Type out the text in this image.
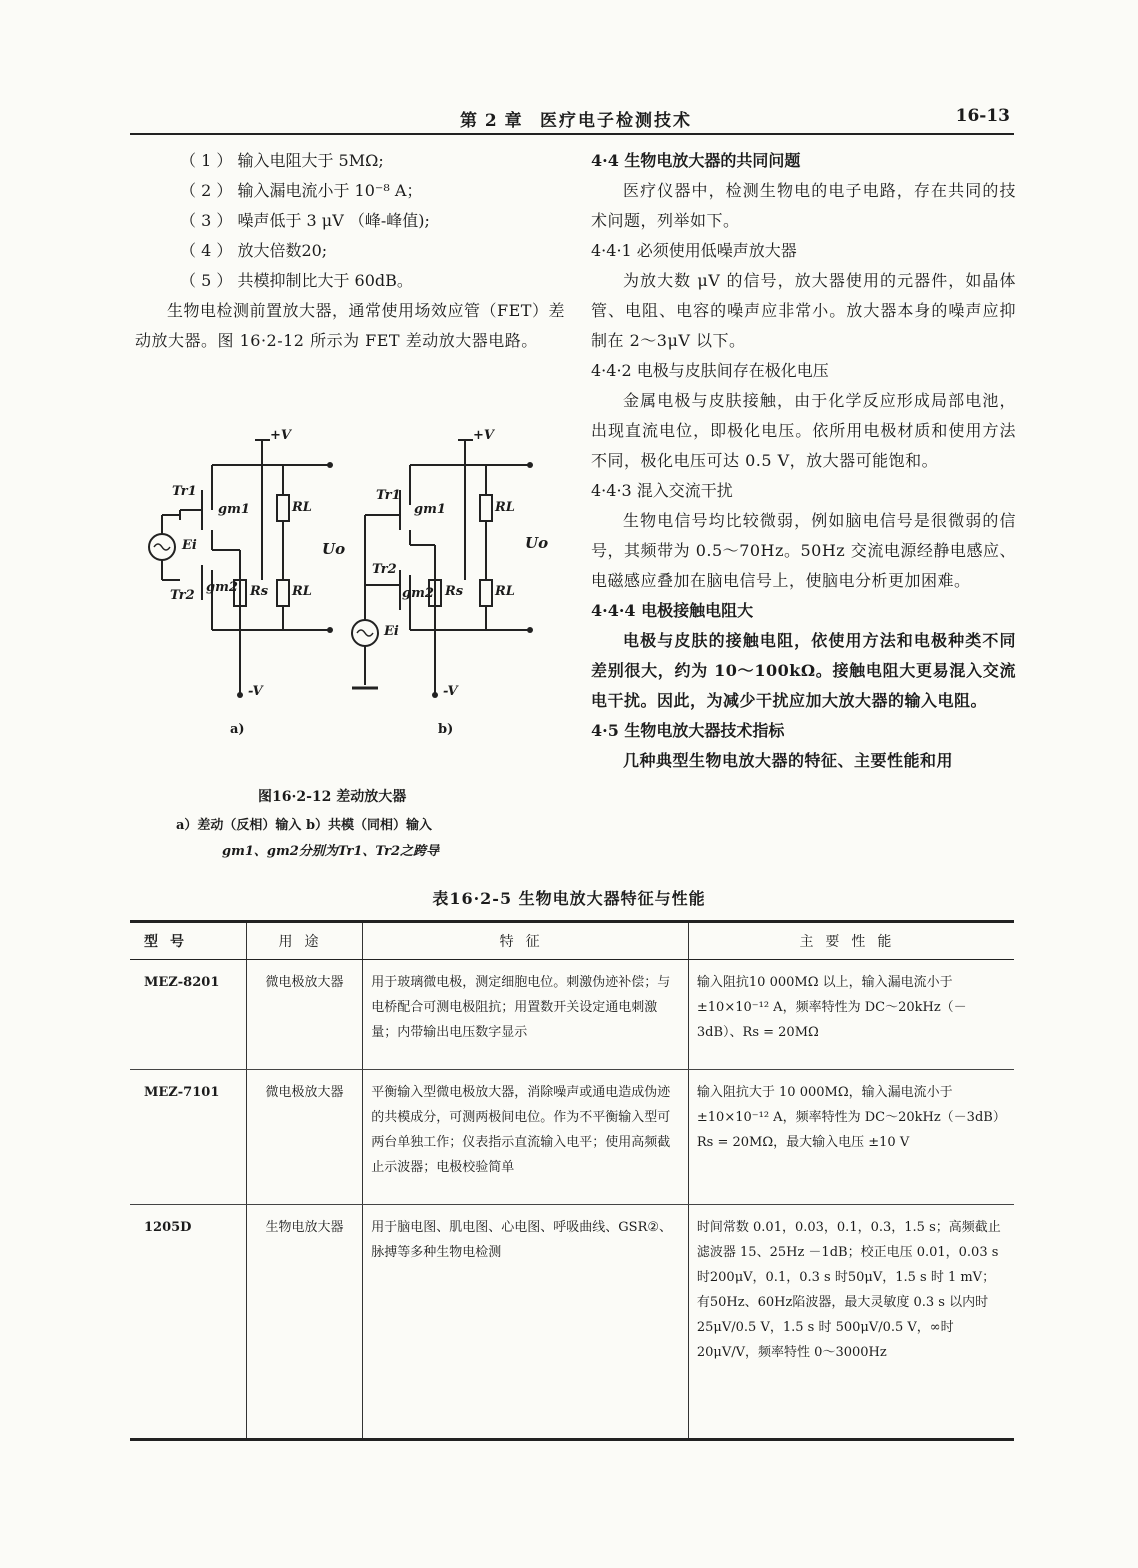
第 2 章 医疗电子检测技术	16-13
（ 1 ） 输入电阻大于 5MΩ;
（ 2 ） 输入漏电流小于 10⁻⁸ A；
（ 3 ） 噪声低于 3 μV （峰-峰值);
（ 4 ） 放大倍数20;
（ 5 ） 共模抑制比大于 60dB。
生物电检测前置放大器，通常使用场效应管（FET）差动放大器。图 16·2-12 所示为 FET 差动放大器电路。
Tr1
gm1
Ei
Tr2
gm2 Rs
RL
RL
Uo
+V
-V
a)
Tr1
gm1
Tr2
gm2 Rs
RL
RL
Uo
Ei
+V
-V
b)
图16·2-12 差动放大器
a）差动（反相）输入 b）共模（同相）输入
gm1、gm2分别为Tr1、Tr2之跨导
4·4 生物电放大器的共同问题
医疗仪器中，检测生物电的电子电路，存在共同的技术问题，列举如下。
4·4·1 必须使用低噪声放大器
为放大数 μV 的信号，放大器使用的元器件，如晶体管、电阻、电容的噪声应非常小。放大器本身的噪声应抑制在 2～3μV 以下。
4·4·2 电极与皮肤间存在极化电压
金属电极与皮肤接触，由于化学反应形成局部电池，出现直流电位，即极化电压。依所用电极材质和使用方法不同，极化电压可达 0.5 V，放大器可能饱和。
4·4·3 混入交流干扰
生物电信号均比较微弱，例如脑电信号是很微弱的信号，其频带为 0.5～70Hz。50Hz 交流电源经静电感应、电磁感应叠加在脑电信号上，使脑电分析更加困难。
4·4·4 电极接触电阻大
电极与皮肤的接触电阻，依使用方法和电极种类不同差别很大，约为 10～100kΩ。接触电阻大更易混入交流电干扰。因此，为减少干扰应加大放大器的输入电阻。
4·5 生物电放大器技术指标
几种典型生物电放大器的特征、主要性能和用
表16·2-5 生物电放大器特征与性能
型号	用途	特征	主要性能
MEZ-8201	微电极放大器	用于玻璃微电极，测定细胞电位。刺激伪迹补偿；与电桥配合可测电极阻抗；用置数开关设定通电刺激量；内带输出电压数字显示	输入阻抗10 000MΩ 以上，输入漏电流小于 ±10×10⁻¹² A，频率特性为 DC～20kHz（－3dB）、Rs = 20MΩ
MEZ-7101	微电极放大器	平衡输入型微电极放大器，消除噪声或通电造成伪迹的共模成分，可测两极间电位。作为不平衡输入型可两台单独工作；仪表指示直流输入电平；使用高频截止示波器；电极校验简单	输入阻抗大于 10 000MΩ，输入漏电流小于 ±10×10⁻¹² A，频率特性为 DC～20kHz（－3dB） Rs = 20MΩ，最大输入电压 ±10 V
1205D	生物电放大器	用于脑电图、肌电图、心电图、呼吸曲线、GSR②、脉搏等多种生物电检测	时间常数 0.01，0.03，0.1，0.3，1.5 s；高频截止滤波器 15、25Hz －1dB；校正电压 0.01，0.03 s 时200μV，0.1，0.3 s 时50μV，1.5 s 时 1 mV；有50Hz、60Hz陷波器，最大灵敏度 0.3 s 以内时 25μV/0.5 V，1.5 s 时 500μV/0.5 V，∞时 20μV/V，频率特性 0～3000Hz
